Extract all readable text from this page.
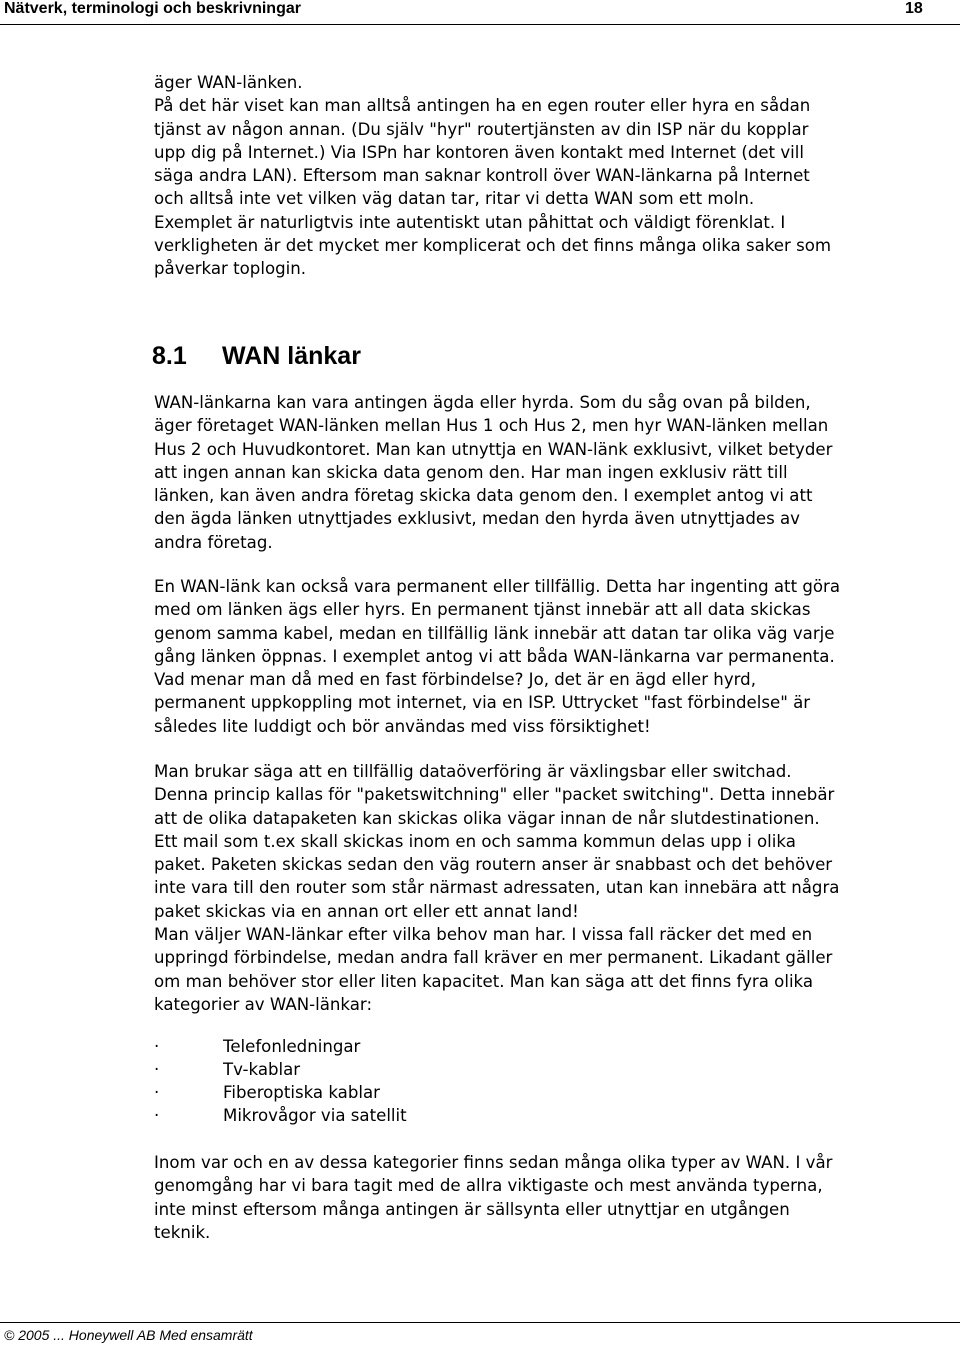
Nätverk, terminologi och beskrivningar	18

äger WAN-länken.
På det här viset kan man alltså antingen ha en egen router eller hyra en sådan
tjänst av någon annan. (Du själv "hyr" routertjänsten av din ISP när du kopplar
upp dig på Internet.) Via ISPn har kontoren även kontakt med Internet (det vill
säga andra LAN). Eftersom man saknar kontroll över WAN-länkarna på Internet
och alltså inte vet vilken väg datan tar, ritar vi detta WAN som ett moln.
Exemplet är naturligtvis inte autentiskt utan påhittat och väldigt förenklat. I
verkligheten är det mycket mer komplicerat och det finns många olika saker som
påverkar toplogin.

8.1 WAN länkar

WAN-länkarna kan vara antingen ägda eller hyrda. Som du såg ovan på bilden,
äger företaget WAN-länken mellan Hus 1 och Hus 2, men hyr WAN-länken mellan
Hus 2 och Huvudkontoret. Man kan utnyttja en WAN-länk exklusivt, vilket betyder
att ingen annan kan skicka data genom den. Har man ingen exklusiv rätt till
länken, kan även andra företag skicka data genom den. I exemplet antog vi att
den ägda länken utnyttjades exklusivt, medan den hyrda även utnyttjades av
andra företag.

En WAN-länk kan också vara permanent eller tillfällig. Detta har ingenting att göra
med om länken ägs eller hyrs. En permanent tjänst innebär att all data skickas
genom samma kabel, medan en tillfällig länk innebär att datan tar olika väg varje
gång länken öppnas. I exemplet antog vi att båda WAN-länkarna var permanenta.
Vad menar man då med en fast förbindelse? Jo, det är en ägd eller hyrd,
permanent uppkoppling mot internet, via en ISP. Uttrycket "fast förbindelse" är
således lite luddigt och bör användas med viss försiktighet!

Man brukar säga att en tillfällig dataöverföring är växlingsbar eller switchad.
Denna princip kallas för "paketswitchning" eller "packet switching". Detta innebär
att de olika datapaketen kan skickas olika vägar innan de når slutdestinationen.
Ett mail som t.ex skall skickas inom en och samma kommun delas upp i olika
paket. Paketen skickas sedan den väg routern anser är snabbast och det behöver
inte vara till den router som står närmast adressaten, utan kan innebära att några
paket skickas via en annan ort eller ett annat land!
Man väljer WAN-länkar efter vilka behov man har. I vissa fall räcker det med en
uppringd förbindelse, medan andra fall kräver en mer permanent. Likadant gäller
om man behöver stor eller liten kapacitet. Man kan säga att det finns fyra olika
kategorier av WAN-länkar:

·	Telefonledningar
·	Tv-kablar
·	Fiberoptiska kablar
·	Mikrovågor via satellit

Inom var och en av dessa kategorier finns sedan många olika typer av WAN. I vår
genomgång har vi bara tagit med de allra viktigaste och mest använda typerna,
inte minst eftersom många antingen är sällsynta eller utnyttjar en utgången
teknik.

© 2005 ... Honeywell AB Med ensamrätt
